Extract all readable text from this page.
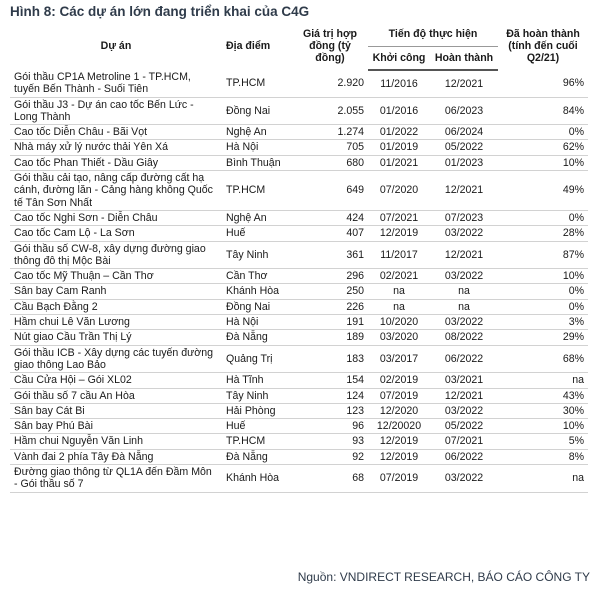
Hình 8: Các dự án lớn đang triển khai của C4G
Dự án	Địa điểm	Giá trị hợp đồng (tỷ đồng)	Tiến độ thực hiện		Đã hoàn thành (tính đến cuối Q2/21)
			Khởi công	Hoàn thành	
Gói thầu CP1A Metroline 1 - TP.HCM, tuyến Bến Thành - Suối Tiên	TP.HCM	2.920	11/2016	12/2021	96%
Gói thầu J3 - Dự án cao tốc Bến Lức - Long Thành	Đồng Nai	2.055	01/2016	06/2023	84%
Cao tốc Diễn Châu - Bãi Vọt	Nghệ An	1.274	01/2022	06/2024	0%
Nhà máy xử lý nước thải Yên Xá	Hà Nội	705	01/2019	05/2022	62%
Cao tốc Phan Thiết - Dầu Giây	Bình Thuận	680	01/2021	01/2023	10%
Gói thầu cải tạo, nâng cấp đường cất hạ cánh, đường lăn - Cảng hàng không Quốc tế Tân Sơn Nhất	TP.HCM	649	07/2020	12/2021	49%
Cao tốc Nghi Sơn - Diễn Châu	Nghệ An	424	07/2021	07/2023	0%
Cao tốc Cam Lộ - La Sơn	Huế	407	12/2019	03/2022	28%
Gói thầu số CW-8, xây dựng đường giao thông đô thị Mộc Bài	Tây Ninh	361	11/2017	12/2021	87%
Cao tốc Mỹ Thuận – Cần Thơ	Cần Thơ	296	02/2021	03/2022	10%
Sân bay Cam Ranh	Khánh Hòa	250	na	na	0%
Cầu Bạch Đằng 2	Đồng Nai	226	na	na	0%
Hầm chui Lê Văn Lương	Hà Nội	191	10/2020	03/2022	3%
Nút giao Cầu Trần Thị Lý	Đà Nẵng	189	03/2020	08/2022	29%
Gói thầu ICB - Xây dựng các tuyến đường giao thông Lao Bảo	Quảng Trị	183	03/2017	06/2022	68%
Cầu Cửa Hội – Gói XL02	Hà Tĩnh	154	02/2019	03/2021	na
Gói thầu số 7 cầu An Hòa	Tây Ninh	124	07/2019	12/2021	43%
Sân bay Cát Bi	Hải Phòng	123	12/2020	03/2022	30%
Sân bay Phú Bài	Huế	96	12/20020	05/2022	10%
Hầm chui Nguyễn Văn Linh	TP.HCM	93	12/2019	07/2021	5%
Vành đai 2 phía Tây Đà Nẵng	Đà Nẵng	92	12/2019	06/2022	8%
Đường giao thông từ QL1A đến Đầm Môn - Gói thầu số 7	Khánh Hòa	68	07/2019	03/2022	na
Nguồn: VNDIRECT RESEARCH, BÁO CÁO CÔNG TY
